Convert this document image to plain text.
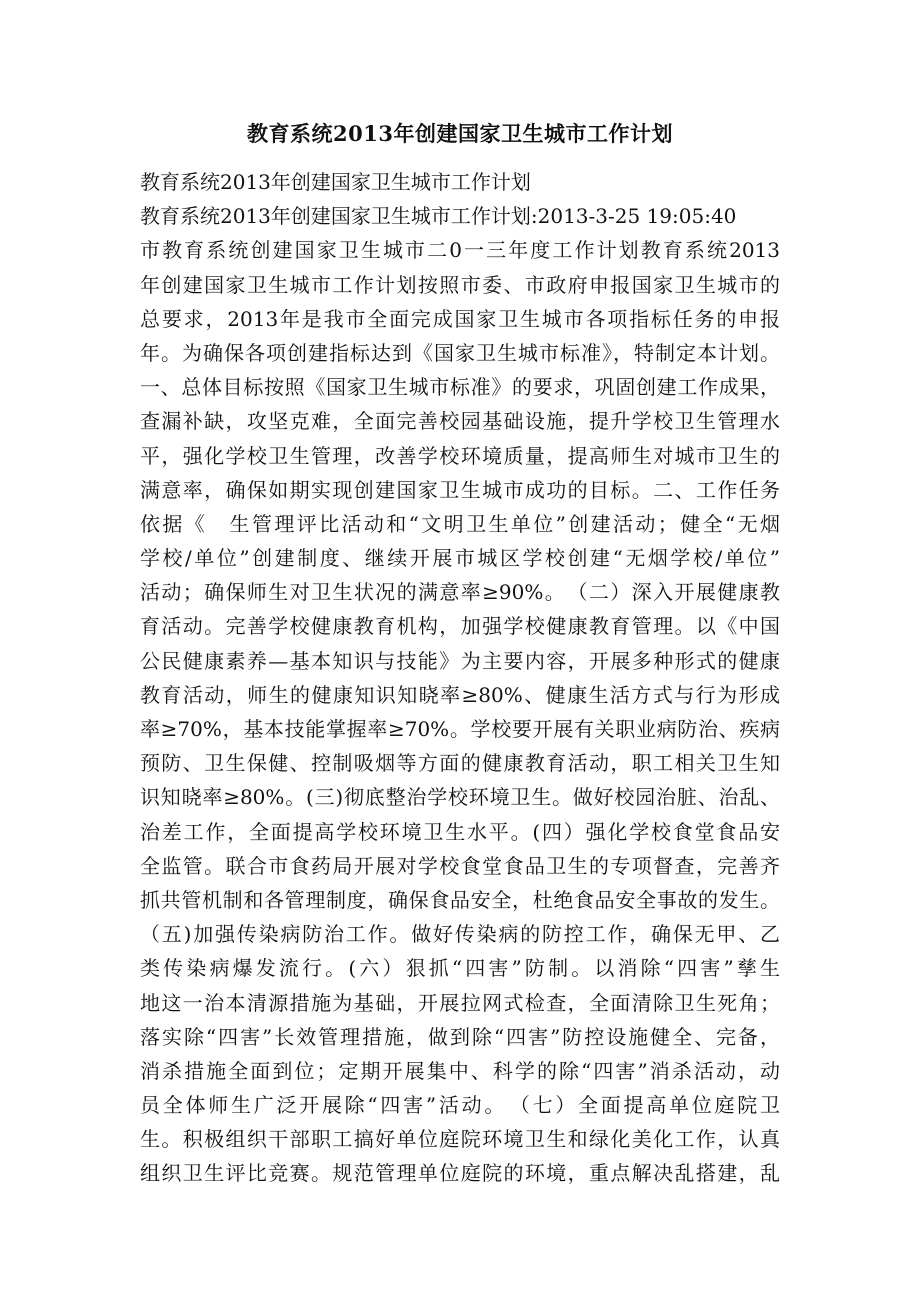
教育系统2013年创建国家卫生城市工作计划
教育系统2013年创建国家卫生城市工作计划
教育系统2013年创建国家卫生城市工作计划:2013-3-25 19:05:40
市教育系统创建国家卫生城市二0一三年度工作计划教育系统2013
年创建国家卫生城市工作计划按照市委、市政府申报国家卫生城市的
总要求，2013年是我市全面完成国家卫生城市各项指标任务的申报
年。为确保各项创建指标达到《国家卫生城市标准》，特制定本计划。
一、总体目标按照《国家卫生城市标准》的要求，巩固创建工作成果，
查漏补缺，攻坚克难，全面完善校园基础设施，提升学校卫生管理水
平，强化学校卫生管理，改善学校环境质量，提高师生对城市卫生的
满意率，确保如期实现创建国家卫生城市成功的目标。二、工作任务
依据《　生管理评比活动和“文明卫生单位”创建活动；健全“无烟
学校/单位”创建制度、继续开展市城区学校创建“无烟学校/单位”
活动；确保师生对卫生状况的满意率≥90%。　（二）深入开展健康教
育活动。完善学校健康教育机构，加强学校健康教育管理。以《中国
公民健康素养—基本知识与技能》为主要内容，开展多种形式的健康
教育活动，师生的健康知识知晓率≥80%、健康生活方式与行为形成
率≥70%，基本技能掌握率≥70%。学校要开展有关职业病防治、疾病
预防、卫生保健、控制吸烟等方面的健康教育活动，职工相关卫生知
识知晓率≥80%。(三)彻底整治学校环境卫生。做好校园治脏、治乱、
治差工作，全面提高学校环境卫生水平。(四）强化学校食堂食品安
全监管。联合市食药局开展对学校食堂食品卫生的专项督查，完善齐
抓共管机制和各管理制度，确保食品安全，杜绝食品安全事故的发生。
（五)加强传染病防治工作。做好传染病的防控工作，确保无甲、乙
类传染病爆发流行。(六）狠抓“四害”防制。以消除“四害”孳生
地这一治本清源措施为基础，开展拉网式检查，全面清除卫生死角；
落实除“四害”长效管理措施，做到除“四害”防控设施健全、完备，
消杀措施全面到位；定期开展集中、科学的除“四害”消杀活动，动
员全体师生广泛开展除“四害”活动。　（七）全面提高单位庭院卫
生。积极组织干部职工搞好单位庭院环境卫生和绿化美化工作，认真
组织卫生评比竞赛。规范管理单位庭院的环境，重点解决乱搭建，乱
